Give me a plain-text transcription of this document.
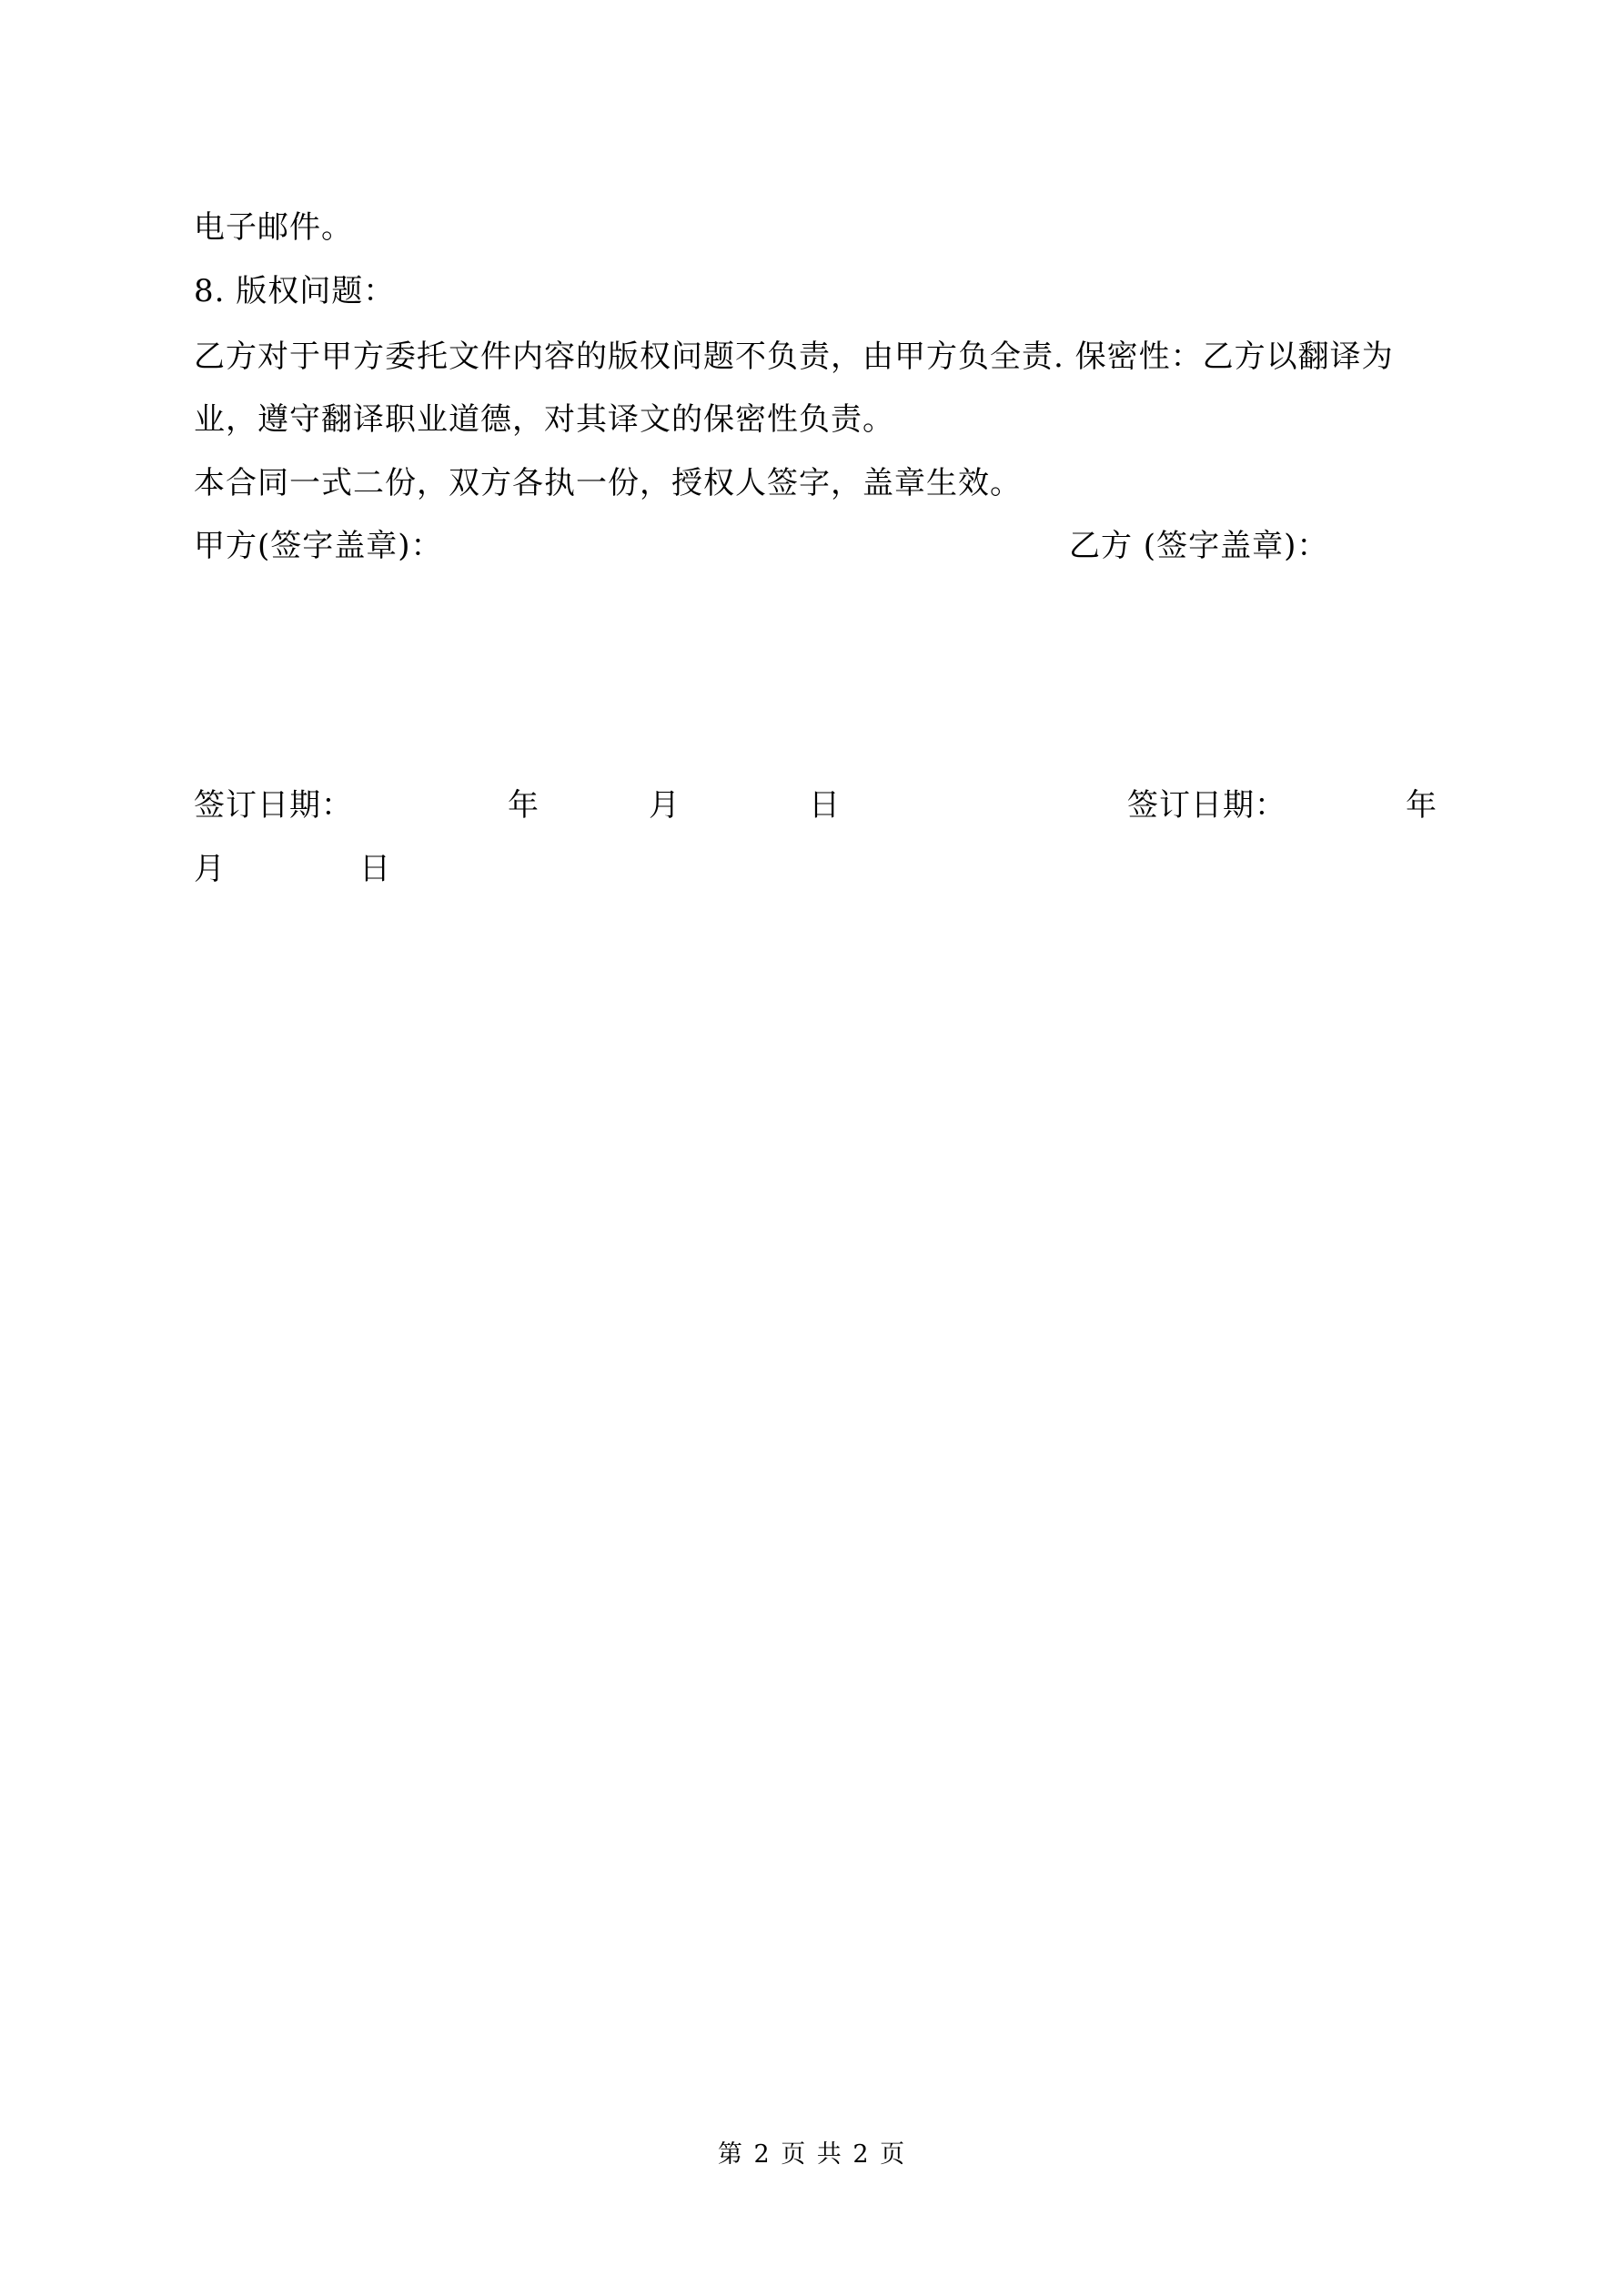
电子邮件。
8. 版权问题：
乙方对于甲方委托文件内容的版权问题不负责，由甲方负全责. 保密性：乙方以翻译为
业，遵守翻译职业道德，对其译文的保密性负责。
本合同一式二份，双方各执一份，授权人签字，盖章生效。
甲方(签字盖章)：	乙方 (签字盖章)：
签订日期：	年	月	日	签订日期：	年
月	日
第 2 页 共 2 页
